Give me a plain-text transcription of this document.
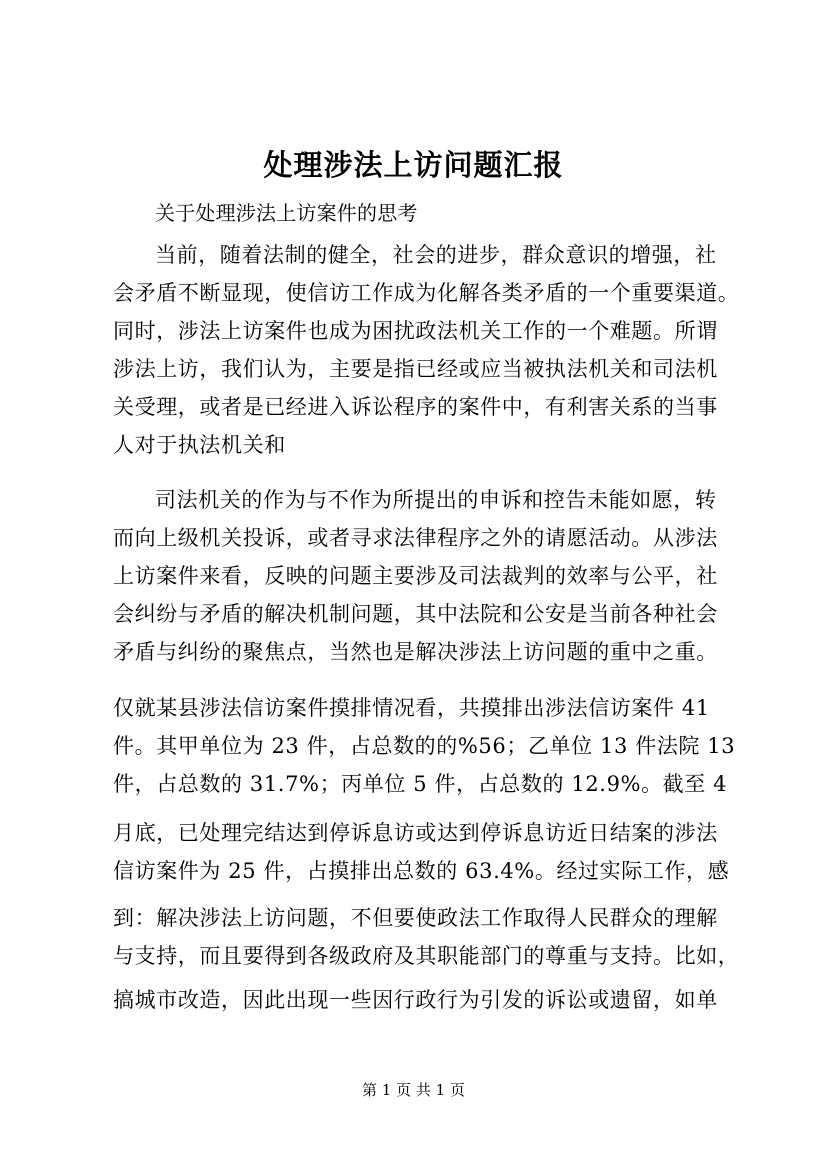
处理涉法上访问题汇报
关于处理涉法上访案件的思考
当前，随着法制的健全，社会的进步，群众意识的增强，社
会矛盾不断显现，使信访工作成为化解各类矛盾的一个重要渠道。
同时，涉法上访案件也成为困扰政法机关工作的一个难题。所谓
涉法上访，我们认为，主要是指已经或应当被执法机关和司法机
关受理，或者是已经进入诉讼程序的案件中，有利害关系的当事
人对于执法机关和
司法机关的作为与不作为所提出的申诉和控告未能如愿，转
而向上级机关投诉，或者寻求法律程序之外的请愿活动。从涉法
上访案件来看，反映的问题主要涉及司法裁判的效率与公平，社
会纠纷与矛盾的解决机制问题，其中法院和公安是当前各种社会
矛盾与纠纷的聚焦点，当然也是解决涉法上访问题的重中之重。
仅就某县涉法信访案件摸排情况看，共摸排出涉法信访案件 41
件。其甲单位为 23 件，占总数的的%56；乙单位 13 件法院 13
件，占总数的 31.7%；丙单位 5 件，占总数的 12.9%。截至 4
月底，已处理完结达到停诉息访或达到停诉息访近日结案的涉法
信访案件为 25 件，占摸排出总数的 63.4%。经过实际工作，感
到：解决涉法上访问题，不但要使政法工作取得人民群众的理解
与支持，而且要得到各级政府及其职能部门的尊重与支持。比如，
搞城市改造，因此出现一些因行政行为引发的诉讼或遗留，如单
第 1 页 共 1 页
